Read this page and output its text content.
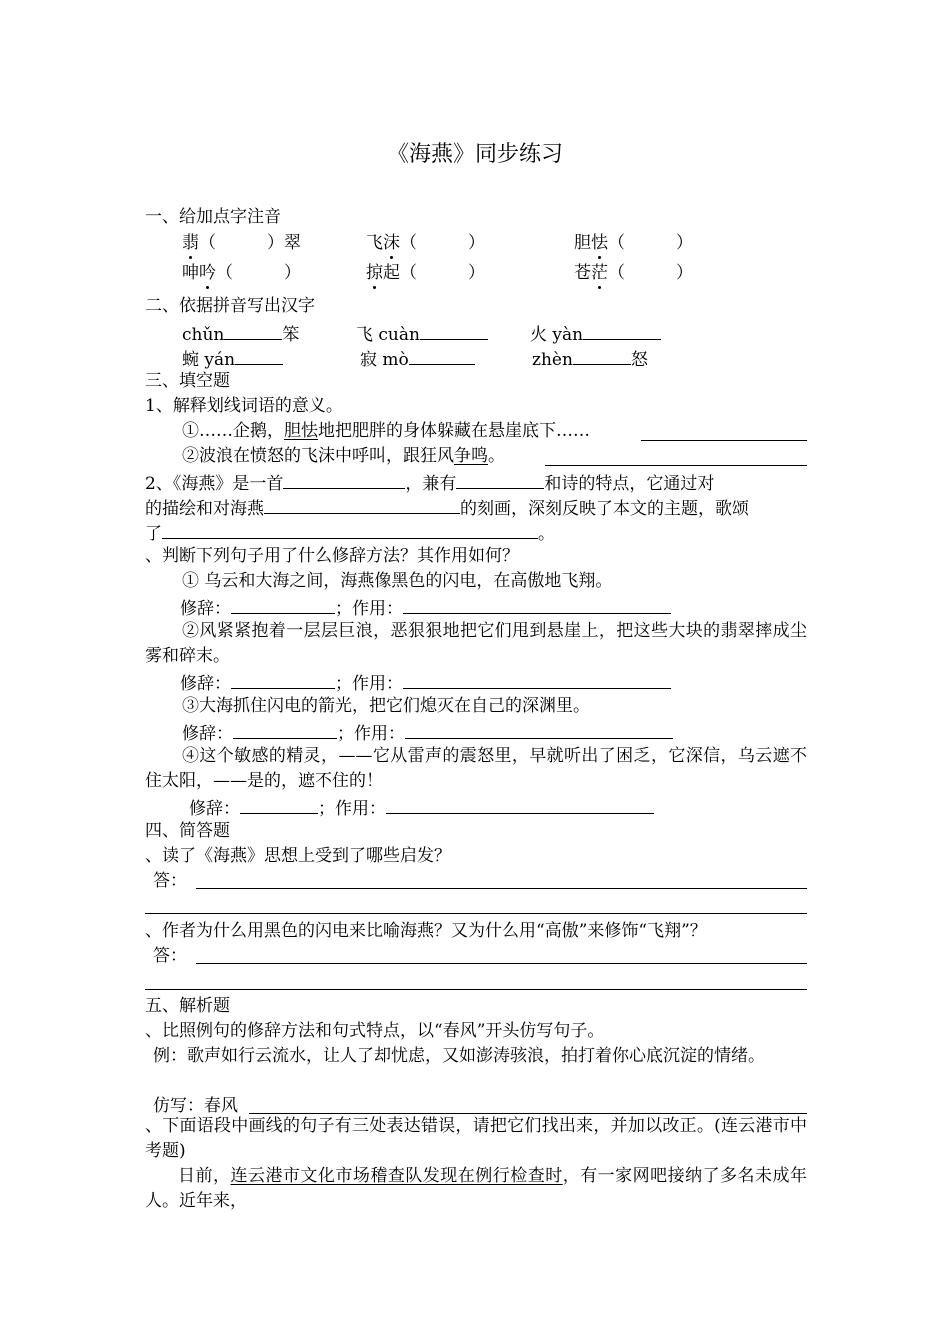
《海燕》同步练习
一、给加点字注音
翡（　　　）翠	飞沫（　　　）	胆怯（　　　）
呻吟（　　　）	掠起（　　　）	苍茫（　　　）
二、依据拼音写出汉字
chǔn	笨	飞 cuàn	火 yàn
蜿 yán	寂 mò	zhèn	怒
三、填空题
1、解释划线词语的意义。
①……企鹅，胆怯地把肥胖的身体躲藏在悬崖底下……
②波浪在愤怒的飞沫中呼叫，跟狂风争鸣。
2、《海燕》是一首	，兼有	和诗的特点，它通过对
的描绘和对海燕	的刻画，深刻反映了本文的主题，歌颂
了	。
、判断下列句子用了什么修辞方法？其作用如何？
① 乌云和大海之间，海燕像黑色的闪电，在高傲地飞翔。
修辞：	；作用：
②风紧紧抱着一层层巨浪，恶狠狠地把它们甩到悬崖上，把这些大块的翡翠摔成尘雾和碎末。
修辞：	；作用：
③大海抓住闪电的箭光，把它们熄灭在自己的深渊里。
修辞：	；作用：
④这个敏感的精灵，——它从雷声的震怒里，早就听出了困乏，它深信，乌云遮不住太阳，——是的，遮不住的！
修辞：	；作用：
四、简答题
、读了《海燕》思想上受到了哪些启发？
答：
、作者为什么用黑色的闪电来比喻海燕？又为什么用“高傲”来修饰“飞翔”？
答：
五、解析题
、比照例句的修辞方法和句式特点，以“春风”开头仿写句子。
例：歌声如行云流水，让人了却忧虑，又如澎涛骇浪，拍打着你心底沉淀的情绪。
仿写：春风
、下面语段中画线的句子有三处表达错误，请把它们找出来，并加以改正。(连云港市中考题)
日前，连云港市文化市场稽查队发现在例行检查时，有一家网吧接纳了多名未成年人。近年来，
